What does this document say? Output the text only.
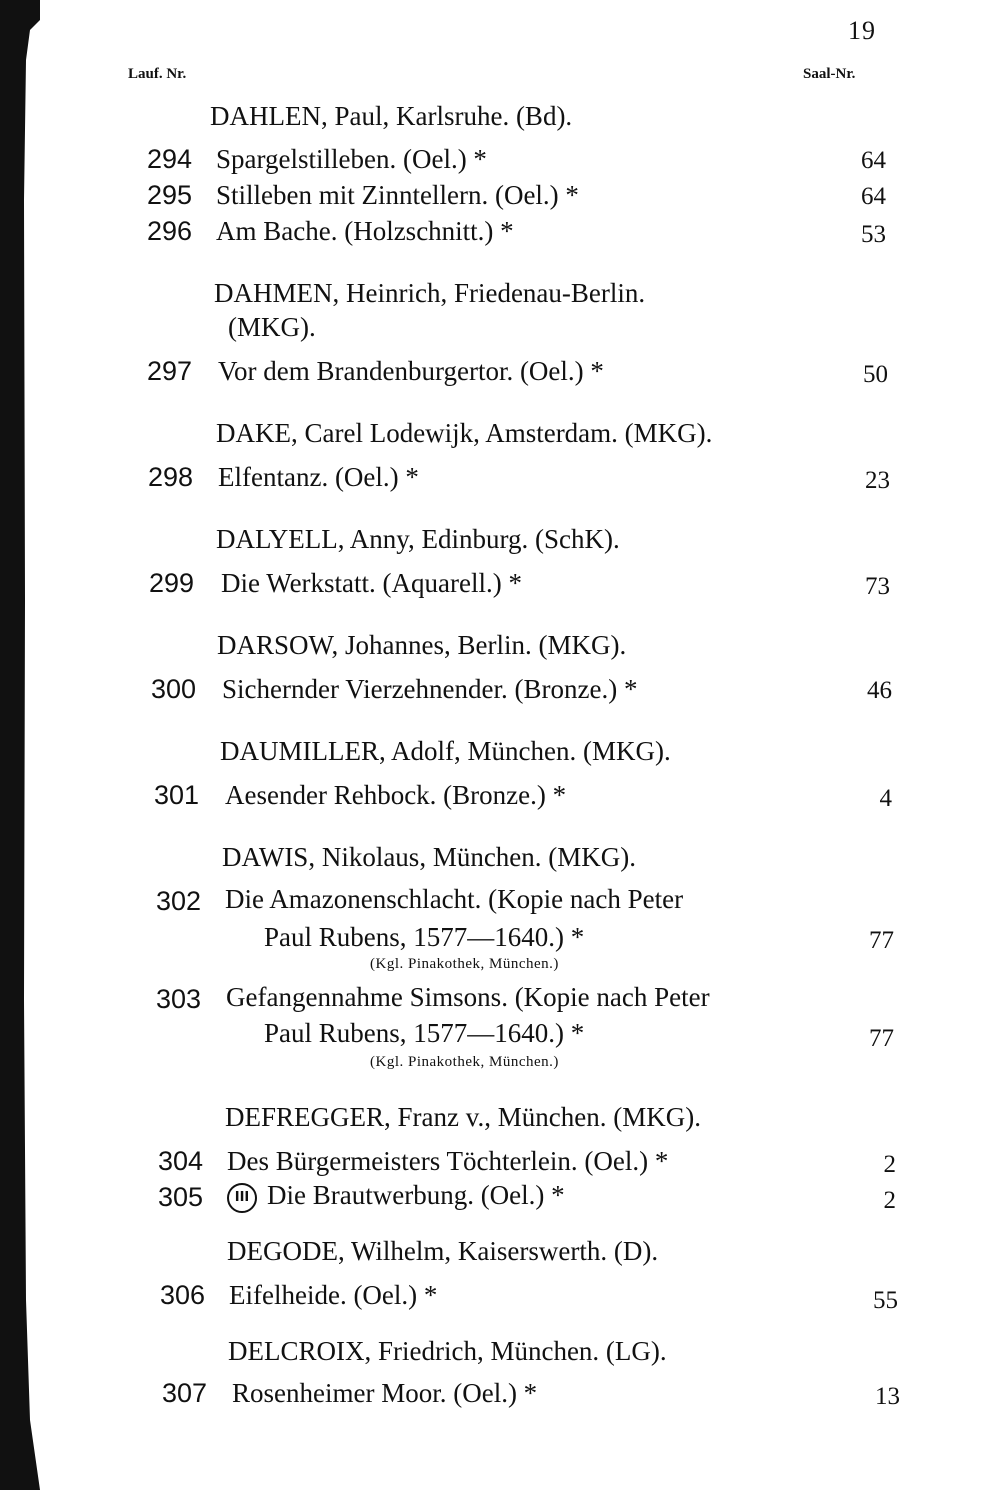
19
Lauf. Nr.	Saal-Nr.
DAHLEN, Paul, Karlsruhe. (Bd).
294 Spargelstilleben. (Oel.) *	64
295 Stilleben mit Zinntellern. (Oel.) *	64
296 Am Bache. (Holzschnitt.) *	53
DAHMEN, Heinrich, Friedenau-Berlin.
(MKG).
297 Vor dem Brandenburgertor. (Oel.) *	50
DAKE, Carel Lodewijk, Amsterdam. (MKG).
298 Elfentanz. (Oel.) *	23
DALYELL, Anny, Edinburg. (SchK).
299 Die Werkstatt. (Aquarell.) *	73
DARSOW, Johannes, Berlin. (MKG).
300 Sichernder Vierzehnender. (Bronze.) *	46
DAUMILLER, Adolf, München. (MKG).
301 Aesender Rehbock. (Bronze.) *	4
DAWIS, Nikolaus, München. (MKG).
302 Die Amazonenschlacht. (Kopie nach Peter
Paul Rubens, 1577—1640.) *	77
(Kgl. Pinakothek, München.)
303 Gefangennahme Simsons. (Kopie nach Peter
Paul Rubens, 1577—1640.) *	77
(Kgl. Pinakothek, München.)
DEFREGGER, Franz v., München. (MKG).
304 Des Bürgermeisters Töchterlein. (Oel.) *	2
305	III Die Brautwerbung. (Oel.) *	2
DEGODE, Wilhelm, Kaiserswerth. (D).
306 Eifelheide. (Oel.) *	55
DELCROIX, Friedrich, München. (LG).
307 Rosenheimer Moor. (Oel.) *	13
